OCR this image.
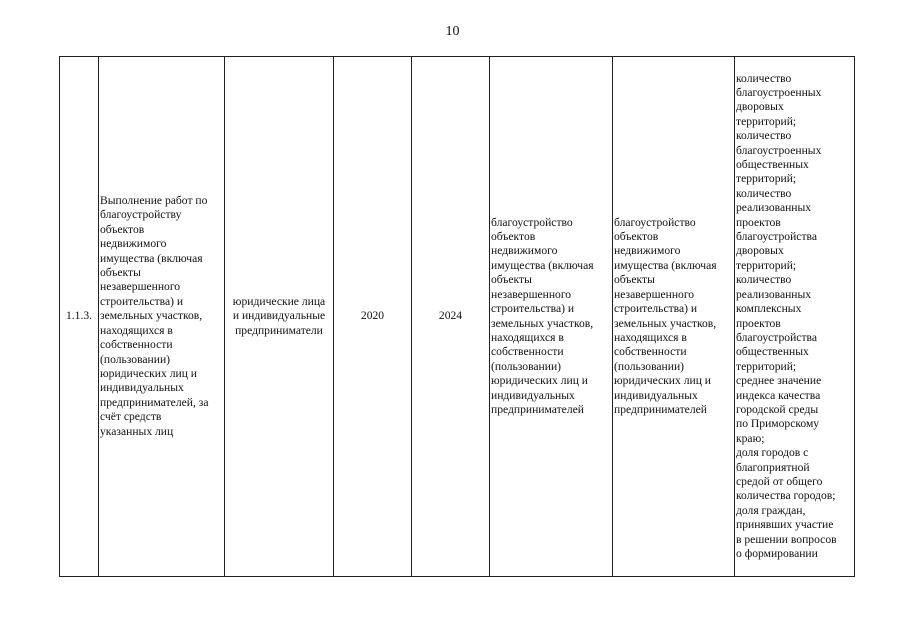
10
1.1.3.

Выполнение работ по
благоустройству
объектов
недвижимого
имущества (включая
объекты
незавершенного
строительства) и
земельных участков,
находящихся в
собственности
(пользовании)
юридических лиц и
индивидуальных
предпринимателей, за
счёт средств
указанных лиц

юридические лица
и индивидуальные
предприниматели

2020	2024

благоустройство
объектов
недвижимого
имущества (включая
объекты
незавершенного
строительства) и
земельных участков,
находящихся в
собственности
(пользовании)
юридических лиц и
индивидуальных
предпринимателей

благоустройство
объектов
недвижимого
имущества (включая
объекты
незавершенного
строительства) и
земельных участков,
находящихся в
собственности
(пользовании)
юридических лиц и
индивидуальных
предпринимателей

количество
благоустроенных
дворовых
территорий;
количество
благоустроенных
общественных
территорий;
количество
реализованных
проектов
благоустройства
дворовых
территорий;
количество
реализованных
комплексных
проектов
благоустройства
общественных
территорий;
среднее значение
индекса качества
городской среды
по Приморскому
краю;
доля городов с
благоприятной
средой от общего
количества городов;
доля граждан,
принявших участие
в решении вопросов
о формировании
